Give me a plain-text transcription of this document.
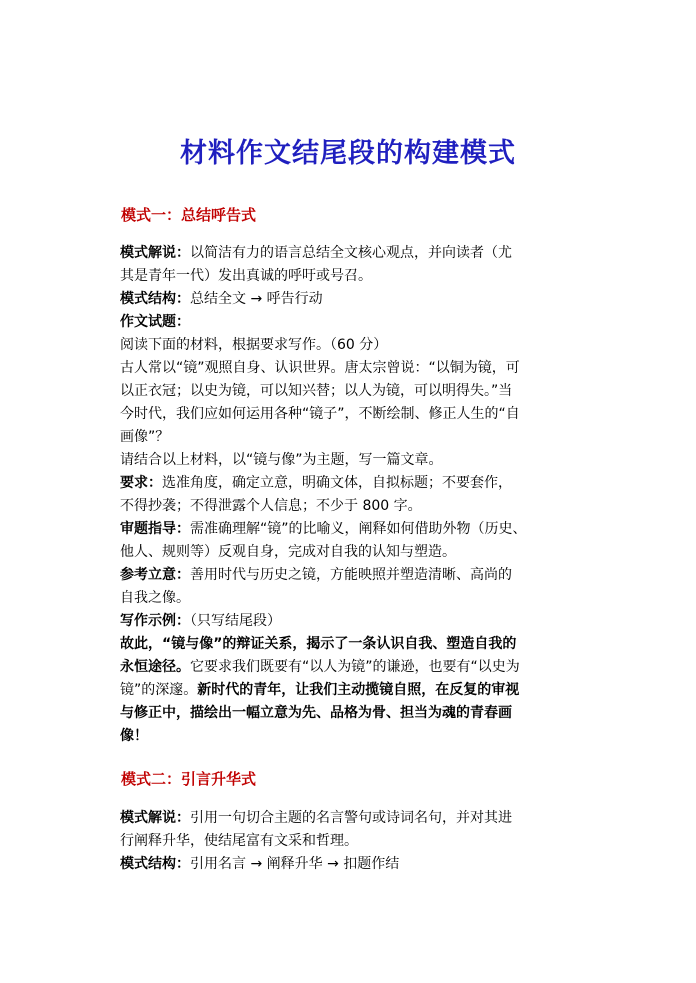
材料作文结尾段的构建模式
模式一：总结呼告式
模式解说：以简洁有力的语言总结全文核心观点，并向读者（尤
其是青年一代）发出真诚的呼吁或号召。
模式结构：总结全文 → 呼告行动
作文试题：
阅读下面的材料，根据要求写作。（60 分）
古人常以“镜”观照自身、认识世界。唐太宗曾说：“以铜为镜，可
以正衣冠；以史为镜，可以知兴替；以人为镜，可以明得失。”当
今时代，我们应如何运用各种“镜子”，不断绘制、修正人生的“自
画像”？
请结合以上材料，以“镜与像”为主题，写一篇文章。
要求：选准角度，确定立意，明确文体，自拟标题；不要套作，
不得抄袭；不得泄露个人信息；不少于 800 字。
审题指导：需准确理解“镜”的比喻义，阐释如何借助外物（历史、
他人、规则等）反观自身，完成对自我的认知与塑造。
参考立意：善用时代与历史之镜，方能映照并塑造清晰、高尚的
自我之像。
写作示例：（只写结尾段）
故此，“镜与像”的辩证关系，揭示了一条认识自我、塑造自我的
永恒途径。它要求我们既要有“以人为镜”的谦逊，也要有“以史为
镜”的深邃。新时代的青年，让我们主动揽镜自照，在反复的审视
与修正中，描绘出一幅立意为先、品格为骨、担当为魂的青春画
像！
模式二：引言升华式
模式解说：引用一句切合主题的名言警句或诗词名句，并对其进
行阐释升华，使结尾富有文采和哲理。
模式结构：引用名言 → 阐释升华 → 扣题作结
